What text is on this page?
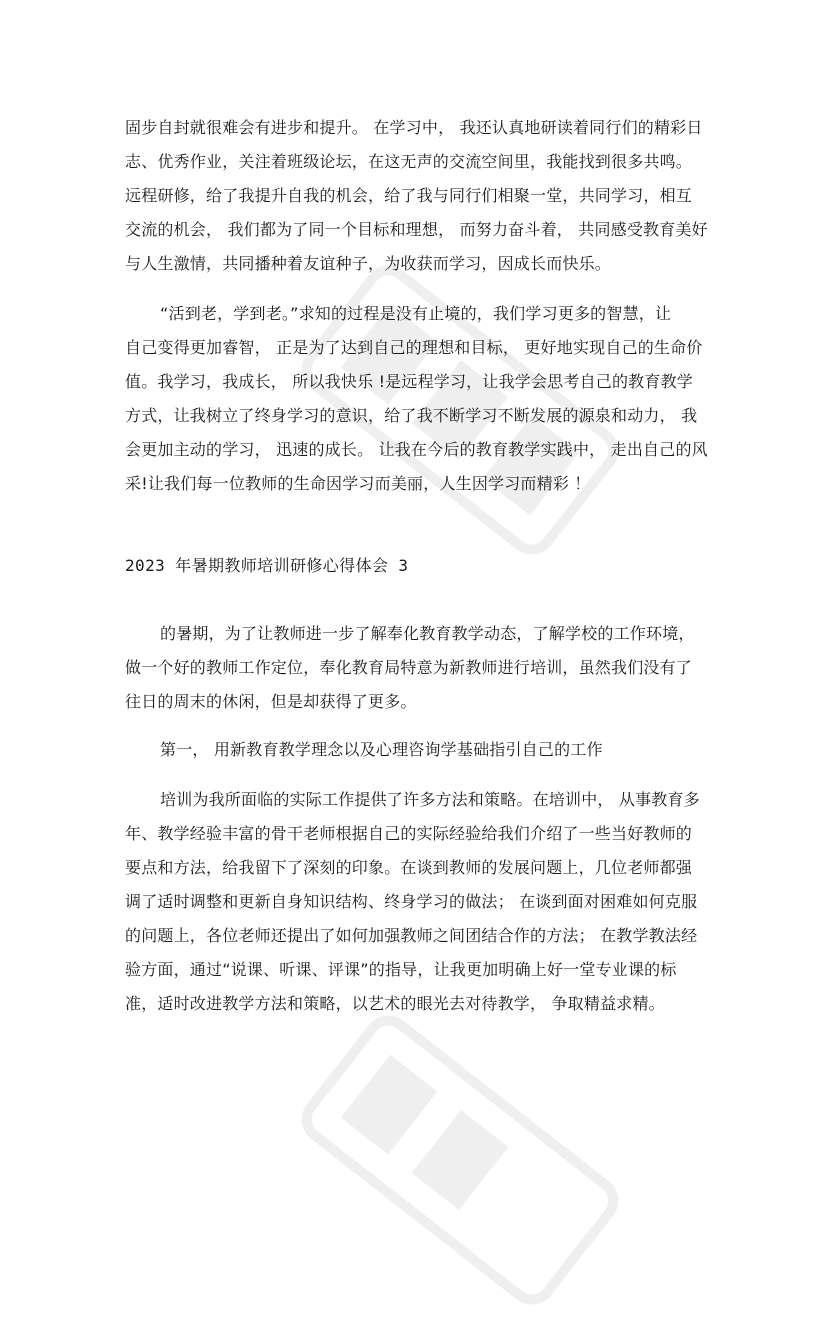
固步自封就很难会有进步和提升。 在学习中， 我还认真地研读着同行们的精彩日
志、优秀作业，关注着班级论坛，在这无声的交流空间里，我能找到很多共鸣。
远程研修，给了我提升自我的机会，给了我与同行们相聚一堂，共同学习，相互
交流的机会， 我们都为了同一个目标和理想， 而努力奋斗着， 共同感受教育美好
与人生激情，共同播种着友谊种子，为收获而学习，因成长而快乐。
“活到老，学到老。”求知的过程是没有止境的，我们学习更多的智慧，让
自己变得更加睿智， 正是为了达到自己的理想和目标， 更好地实现自己的生命价
值。我学习，我成长， 所以我快乐 !是远程学习，让我学会思考自己的教育教学
方式，让我树立了终身学习的意识，给了我不断学习不断发展的源泉和动力， 我
会更加主动的学习， 迅速的成长。 让我在今后的教育教学实践中， 走出自己的风
采!让我们每一位教师的生命因学习而美丽，人生因学习而精彩 ！
2023 年暑期教师培训研修心得体会 3
的暑期，为了让教师进一步了解奉化教育教学动态，了解学校的工作环境，
做一个好的教师工作定位，奉化教育局特意为新教师进行培训，虽然我们没有了
往日的周末的休闲，但是却获得了更多。
第一， 用新教育教学理念以及心理咨询学基础指引自己的工作
培训为我所面临的实际工作提供了许多方法和策略。在培训中， 从事教育多
年、教学经验丰富的骨干老师根据自己的实际经验给我们介绍了一些当好教师的
要点和方法，给我留下了深刻的印象。在谈到教师的发展问题上，几位老师都强
调了适时调整和更新自身知识结构、终身学习的做法； 在谈到面对困难如何克服
的问题上，各位老师还提出了如何加强教师之间团结合作的方法； 在教学教法经
验方面，通过“说课、听课、评课”的指导，让我更加明确上好一堂专业课的标
准，适时改进教学方法和策略，以艺术的眼光去对待教学， 争取精益求精。
